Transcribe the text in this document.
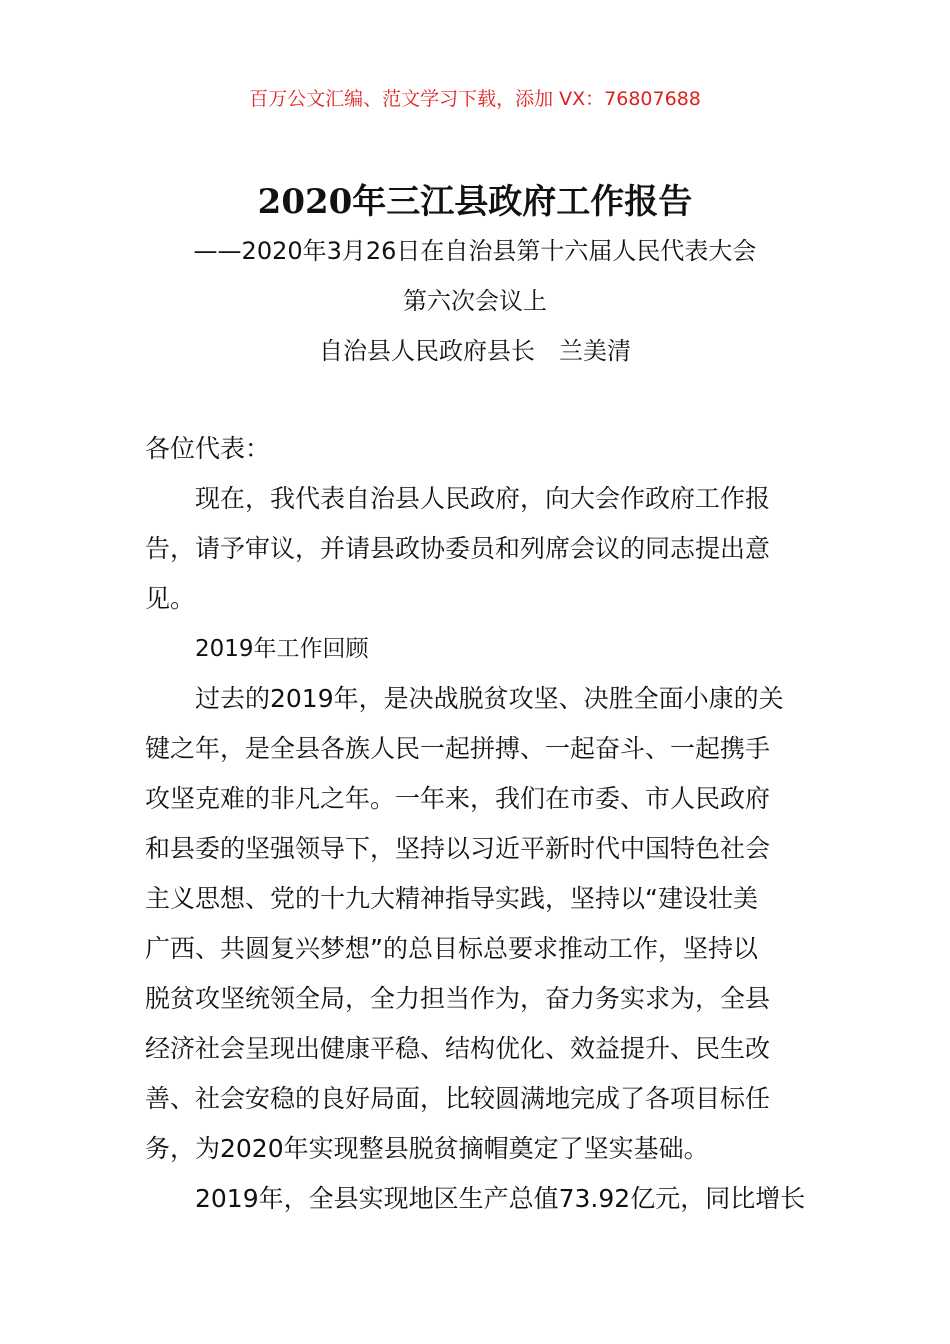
百万公文汇编、范文学习下载，添加 VX：76807688
2020年三江县政府工作报告
——2020年3月26日在自治县第十六届人民代表大会
第六次会议上
自治县人民政府县长　兰美清
各位代表：
现在，我代表自治县人民政府，向大会作政府工作报
告，请予审议，并请县政协委员和列席会议的同志提出意
见。
2019年工作回顾
过去的2019年，是决战脱贫攻坚、决胜全面小康的关
键之年，是全县各族人民一起拼搏、一起奋斗、一起携手
攻坚克难的非凡之年。一年来，我们在市委、市人民政府
和县委的坚强领导下，坚持以习近平新时代中国特色社会
主义思想、党的十九大精神指导实践，坚持以“建设壮美
广西、共圆复兴梦想”的总目标总要求推动工作，坚持以
脱贫攻坚统领全局，全力担当作为，奋力务实求为，全县
经济社会呈现出健康平稳、结构优化、效益提升、民生改
善、社会安稳的良好局面，比较圆满地完成了各项目标任
务，为2020年实现整县脱贫摘帽奠定了坚实基础。
2019年，全县实现地区生产总值73.92亿元，同比增长
